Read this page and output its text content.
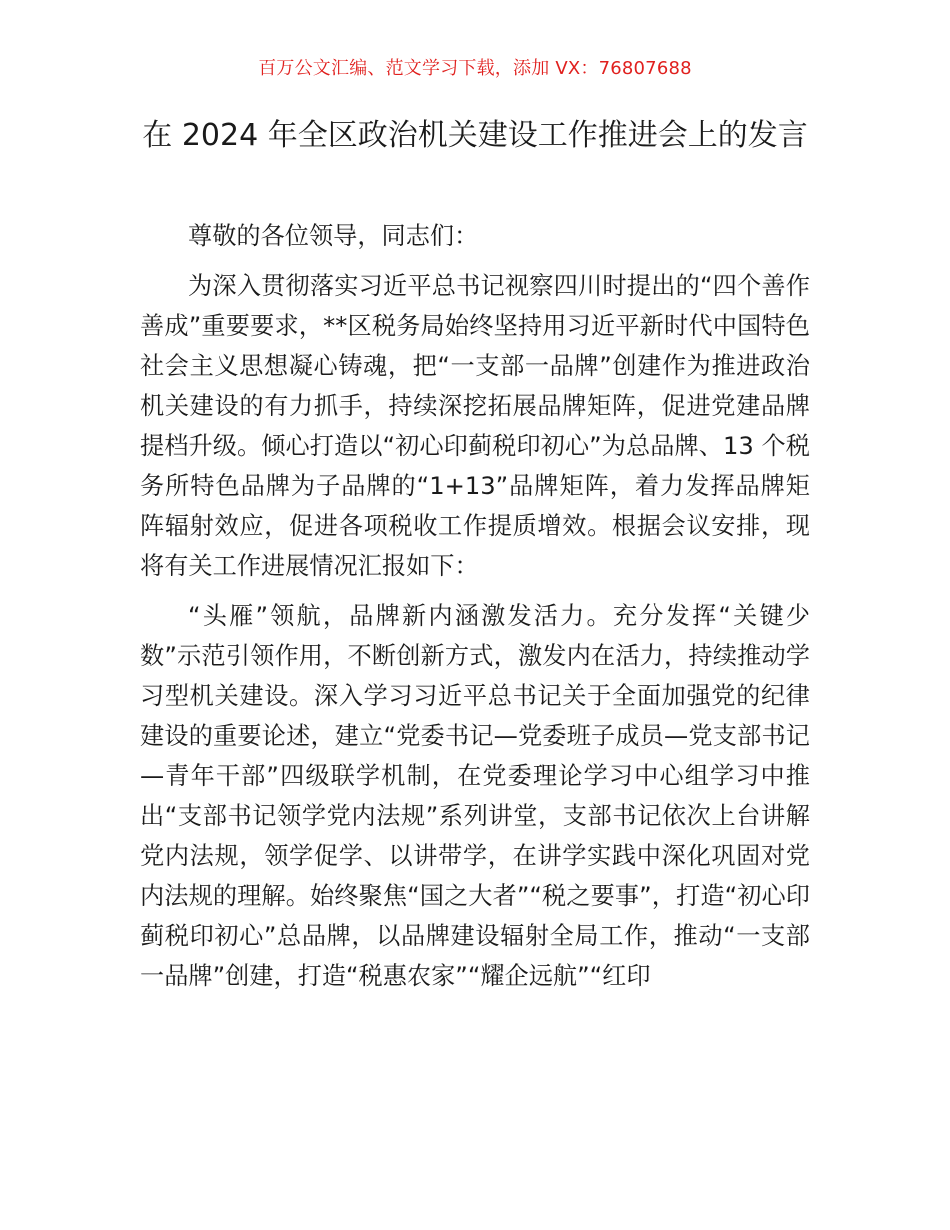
百万公文汇编、范文学习下载，添加 VX：76807688
在 2024 年全区政治机关建设工作推进会上的发言

尊敬的各位领导，同志们：

为深入贯彻落实习近平总书记视察四川时提出的“四个善作善成”重要要求，**区税务局始终坚持用习近平新时代中国特色社会主义思想凝心铸魂，把“一支部一品牌”创建作为推进政治机关建设的有力抓手，持续深挖拓展品牌矩阵，促进党建品牌提档升级。倾心打造以“初心印蓟税印初心”为总品牌、13 个税务所特色品牌为子品牌的“1+13”品牌矩阵，着力发挥品牌矩阵辐射效应，促进各项税收工作提质增效。根据会议安排，现将有关工作进展情况汇报如下：

“头雁”领航，品牌新内涵激发活力。充分发挥“关键少数”示范引领作用，不断创新方式，激发内在活力，持续推动学习型机关建设。深入学习习近平总书记关于全面加强党的纪律建设的重要论述，建立“党委书记—党委班子成员—党支部书记—青年干部”四级联学机制，在党委理论学习中心组学习中推出“支部书记领学党内法规”系列讲堂，支部书记依次上台讲解党内法规，领学促学、以讲带学，在讲学实践中深化巩固对党内法规的理解。始终聚焦“国之大者”“税之要事”，打造“初心印蓟税印初心”总品牌，以品牌建设辐射全局工作，推动“一支部一品牌”创建，打造“税惠农家”“耀企远航”“红印
